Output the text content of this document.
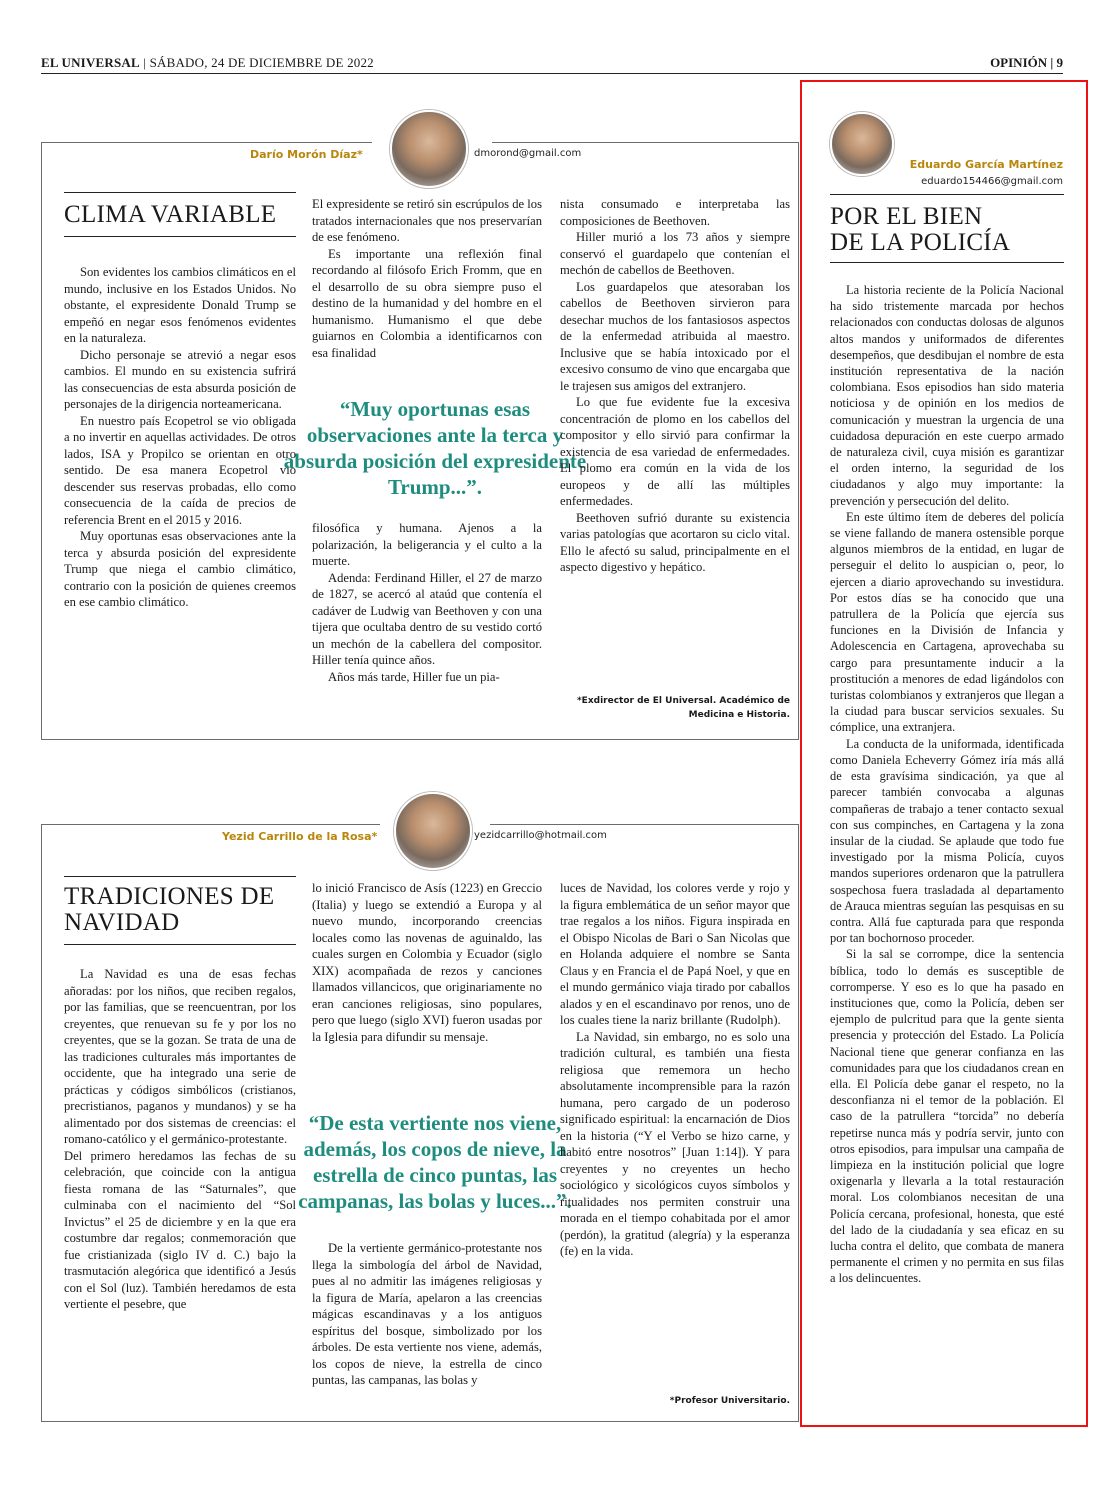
EL UNIVERSAL | SÁBADO, 24 DE DICIEMBRE DE 2022	OPINIÓN | 9
Darío Morón Díaz*	dmorond@gmail.com
CLIMA VARIABLE

Son evidentes los cambios climáticos en el mundo, inclusive en los Estados Unidos. No obstante, el expresidente Donald Trump se empeñó en negar esos fenómenos evidentes en la naturaleza.

Dicho personaje se atrevió a negar esos cambios. El mundo en su existencia sufrirá las consecuencias de esta absurda posición de personajes de la dirigencia norteamericana.

En nuestro país Ecopetrol se vio obligada a no invertir en aquellas actividades. De otros lados, ISA y Propilco se orientan en otro sentido. De esa manera Ecopetrol vio descender sus reservas probadas, ello como consecuencia de la caída de precios de referencia Brent en el 2015 y 2016.

Muy oportunas esas observaciones ante la terca y absurda posición del expresidente Trump que niega el cambio climático, contrario con la posición de quienes creemos en ese cambio climático.

El expresidente se retiró sin escrúpulos de los tratados internacionales que nos preservarían de ese fenómeno.

Es importante una reflexión final recordando al filósofo Erich Fromm, que en el desarrollo de su obra siempre puso el destino de la humanidad y del hombre en el humanismo. Humanismo el que debe guiarnos en Colombia a identificarnos con esa finalidad

“Muy oportunas esas observaciones ante la terca y absurda posición del expresidente Trump...”.

filosófica y humana. Ajenos a la polarización, la beligerancia y el culto a la muerte.

Adenda: Ferdinand Hiller, el 27 de marzo de 1827, se acercó al ataúd que contenía el cadáver de Ludwig van Beethoven y con una tijera que ocultaba dentro de su vestido cortó un mechón de la cabellera del compositor. Hiller tenía quince años.

Años más tarde, Hiller fue un pia-

nista consumado e interpretaba las composiciones de Beethoven.

Hiller murió a los 73 años y siempre conservó el guardapelo que contenían el mechón de cabellos de Beethoven.

Los guardapelos que atesoraban los cabellos de Beethoven sirvieron para desechar muchos de los fantasiosos aspectos de la enfermedad atribuida al maestro. Inclusive que se había intoxicado por el excesivo consumo de vino que encargaba que le trajesen sus amigos del extranjero.

Lo que fue evidente fue la excesiva concentración de plomo en los cabellos del compositor y ello sirvió para confirmar la existencia de esa variedad de enfermedades. El plomo era común en la vida de los europeos y de allí las múltiples enfermedades.

Beethoven sufrió durante su existencia varias patologías que acortaron su ciclo vital. Ello le afectó su salud, principalmente en el aspecto digestivo y hepático.

*Exdirector de El Universal. Académico de Medicina e Historia.
Yezid Carrillo de la Rosa*	yezidcarrillo@hotmail.com
TRADICIONES DE NAVIDAD

La Navidad es una de esas fechas añoradas: por los niños, que reciben regalos, por las familias, que se reencuentran, por los creyentes, que renuevan su fe y por los no creyentes, que se la gozan. Se trata de una de las tradiciones culturales más importantes de occidente, que ha integrado una serie de prácticas y códigos simbólicos (cristianos, precristianos, paganos y mundanos) y se ha alimentado por dos sistemas de creencias: el romano-católico y el germánico-protestante.

Del primero heredamos las fechas de su celebración, que coincide con la antigua fiesta romana de las “Saturnales”, que culminaba con el nacimiento del “Sol Invictus” el 25 de diciembre y en la que era costumbre dar regalos; conmemoración que fue cristianizada (siglo IV d. C.) bajo la trasmutación alegórica que identificó a Jesús con el Sol (luz). También heredamos de esta vertiente el pesebre, que

lo inició Francisco de Asís (1223) en Greccio (Italia) y luego se extendió a Europa y al nuevo mundo, incorporando creencias locales como las novenas de aguinaldo, las cuales surgen en Colombia y Ecuador (siglo XIX) acompañada de rezos y canciones llamados villancicos, que originariamente no eran canciones religiosas, sino populares, pero que luego (siglo XVI) fueron usadas por la Iglesia para difundir su mensaje.

“De esta vertiente nos viene, además, los copos de nieve, la estrella de cinco puntas, las campanas, las bolas y luces...”.

De la vertiente germánico-protestante nos llega la simbología del árbol de Navidad, pues al no admitir las imágenes religiosas y la figura de María, apelaron a las creencias mágicas escandinavas y a los antiguos espíritus del bosque, simbolizado por los árboles. De esta vertiente nos viene, además, los copos de nieve, la estrella de cinco puntas, las campanas, las bolas y

luces de Navidad, los colores verde y rojo y la figura emblemática de un señor mayor que trae regalos a los niños. Figura inspirada en el Obispo Nicolas de Bari o San Nicolas que en Holanda adquiere el nombre se Santa Claus y en Francia el de Papá Noel, y que en el mundo germánico viaja tirado por caballos alados y en el escandinavo por renos, uno de los cuales tiene la nariz brillante (Rudolph).

La Navidad, sin embargo, no es solo una tradición cultural, es también una fiesta religiosa que rememora un hecho absolutamente incomprensible para la razón humana, pero cargado de un poderoso significado espiritual: la encarnación de Dios en la historia (“Y el Verbo se hizo carne, y habitó entre nosotros” [Juan 1:14]). Y para creyentes y no creyentes un hecho sociológico y sicológicos cuyos símbolos y ritualidades nos permiten construir una morada en el tiempo cohabitada por el amor (perdón), la gratitud (alegría) y la esperanza (fe) en la vida.

*Profesor Universitario.
Eduardo García Martínez
eduardo154466@gmail.com
POR EL BIEN
DE LA POLICÍA

La historia reciente de la Policía Nacional ha sido tristemente marcada por hechos relacionados con conductas dolosas de algunos altos mandos y uniformados de diferentes desempeños, que desdibujan el nombre de esta institución representativa de la nación colombiana. Esos episodios han sido materia noticiosa y de opinión en los medios de comunicación y muestran la urgencia de una cuidadosa depuración en este cuerpo armado de naturaleza civil, cuya misión es garantizar el orden interno, la seguridad de los ciudadanos y algo muy importante: la prevención y persecución del delito.

En este último ítem de deberes del policía se viene fallando de manera ostensible porque algunos miembros de la entidad, en lugar de perseguir el delito lo auspician o, peor, lo ejercen a diario aprovechando su investidura. Por estos días se ha conocido que una patrullera de la Policía que ejercía sus funciones en la División de Infancia y Adolescencia en Cartagena, aprovechaba su cargo para presuntamente inducir a la prostitución a menores de edad ligándolos con turistas colombianos y extranjeros que llegan a la ciudad para buscar servicios sexuales. Su cómplice, una extranjera.

La conducta de la uniformada, identificada como Daniela Echeverry Gómez iría más allá de esta gravísima sindicación, ya que al parecer también convocaba a algunas compañeras de trabajo a tener contacto sexual con sus compinches, en Cartagena y la zona insular de la ciudad. Se aplaude que todo fue investigado por la misma Policía, cuyos mandos superiores ordenaron que la patrullera sospechosa fuera trasladada al departamento de Arauca mientras seguían las pesquisas en su contra. Allá fue capturada para que responda por tan bochornoso proceder.

Si la sal se corrompe, dice la sentencia bíblica, todo lo demás es susceptible de corromperse. Y eso es lo que ha pasado en instituciones que, como la Policía, deben ser ejemplo de pulcritud para que la gente sienta presencia y protección del Estado. La Policía Nacional tiene que generar confianza en las comunidades para que los ciudadanos crean en ella. El Policía debe ganar el respeto, no la desconfianza ni el temor de la población. El caso de la patrullera “torcida” no debería repetirse nunca más y podría servir, junto con otros episodios, para impulsar una campaña de limpieza en la institución policial que logre oxigenarla y llevarla a la total restauración moral. Los colombianos necesitan de una Policía cercana, profesional, honesta, que esté del lado de la ciudadanía y sea eficaz en su lucha contra el delito, que combata de manera permanente el crimen y no permita en sus filas a los delincuentes.
